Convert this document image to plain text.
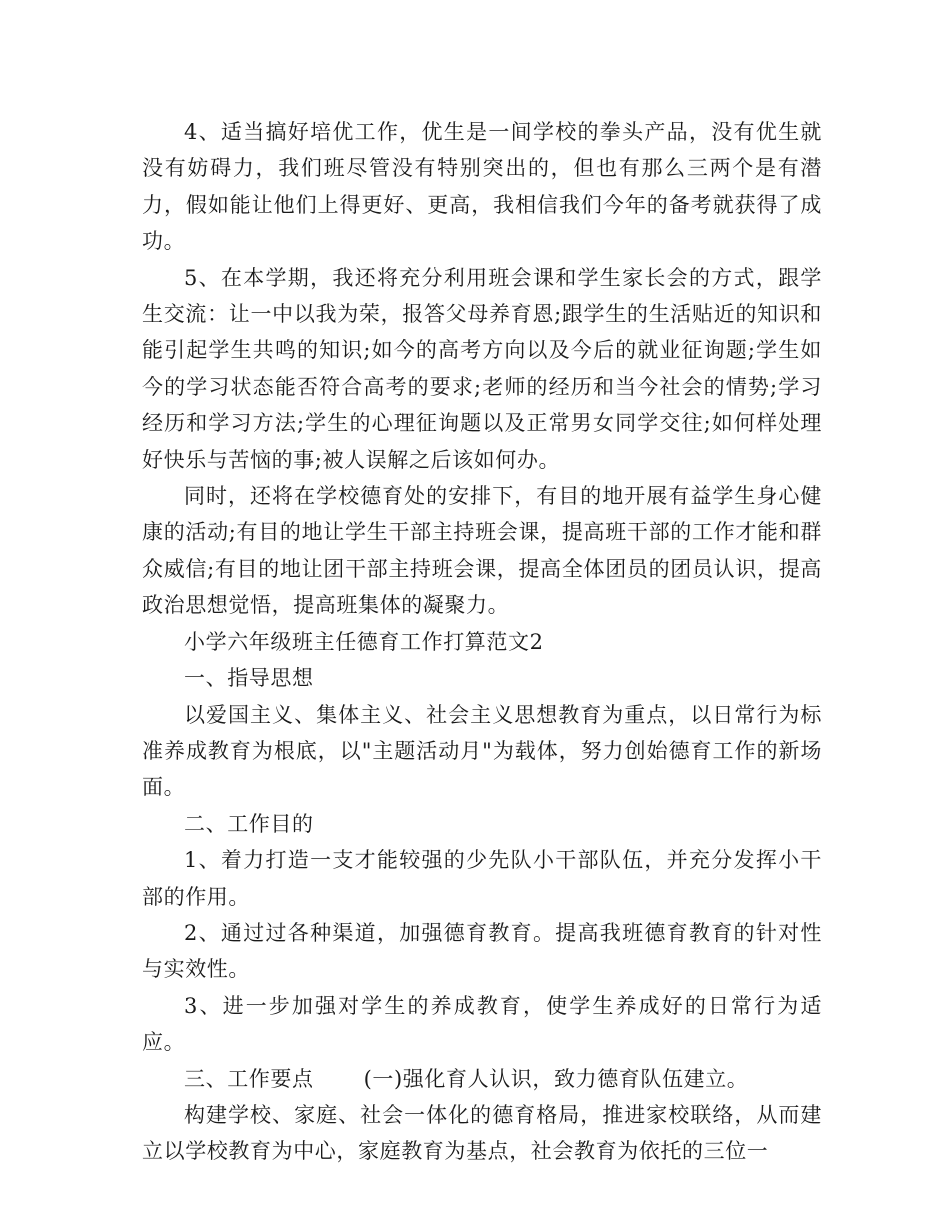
4、适当搞好培优工作，优生是一间学校的拳头产品，没有优生就没有妨碍力，我们班尽管没有特别突出的，但也有那么三两个是有潜力，假如能让他们上得更好、更高，我相信我们今年的备考就获得了成功。

5、在本学期，我还将充分利用班会课和学生家长会的方式，跟学生交流：让一中以我为荣，报答父母养育恩;跟学生的生活贴近的知识和能引起学生共鸣的知识;如今的高考方向以及今后的就业征询题;学生如今的学习状态能否符合高考的要求;老师的经历和当今社会的情势;学习经历和学习方法;学生的心理征询题以及正常男女同学交往;如何样处理好快乐与苦恼的事;被人误解之后该如何办。

同时，还将在学校德育处的安排下，有目的地开展有益学生身心健康的活动;有目的地让学生干部主持班会课，提高班干部的工作才能和群众威信;有目的地让团干部主持班会课，提高全体团员的团员认识，提高政治思想觉悟，提高班集体的凝聚力。

小学六年级班主任德育工作打算范文2

一、指导思想

以爱国主义、集体主义、社会主义思想教育为重点，以日常行为标准养成教育为根底，以"主题活动月"为载体，努力创始德育工作的新场面。

二、工作目的

1、着力打造一支才能较强的少先队小干部队伍，并充分发挥小干部的作用。

2、通过过各种渠道，加强德育教育。提高我班德育教育的针对性与实效性。

3、进一步加强对学生的养成教育，使学生养成好的日常行为适应。

三、工作要点 (一)强化育人认识，致力德育队伍建立。

构建学校、家庭、社会一体化的德育格局，推进家校联络，从而建立以学校教育为中心，家庭教育为基点，社会教育为依托的三位一
